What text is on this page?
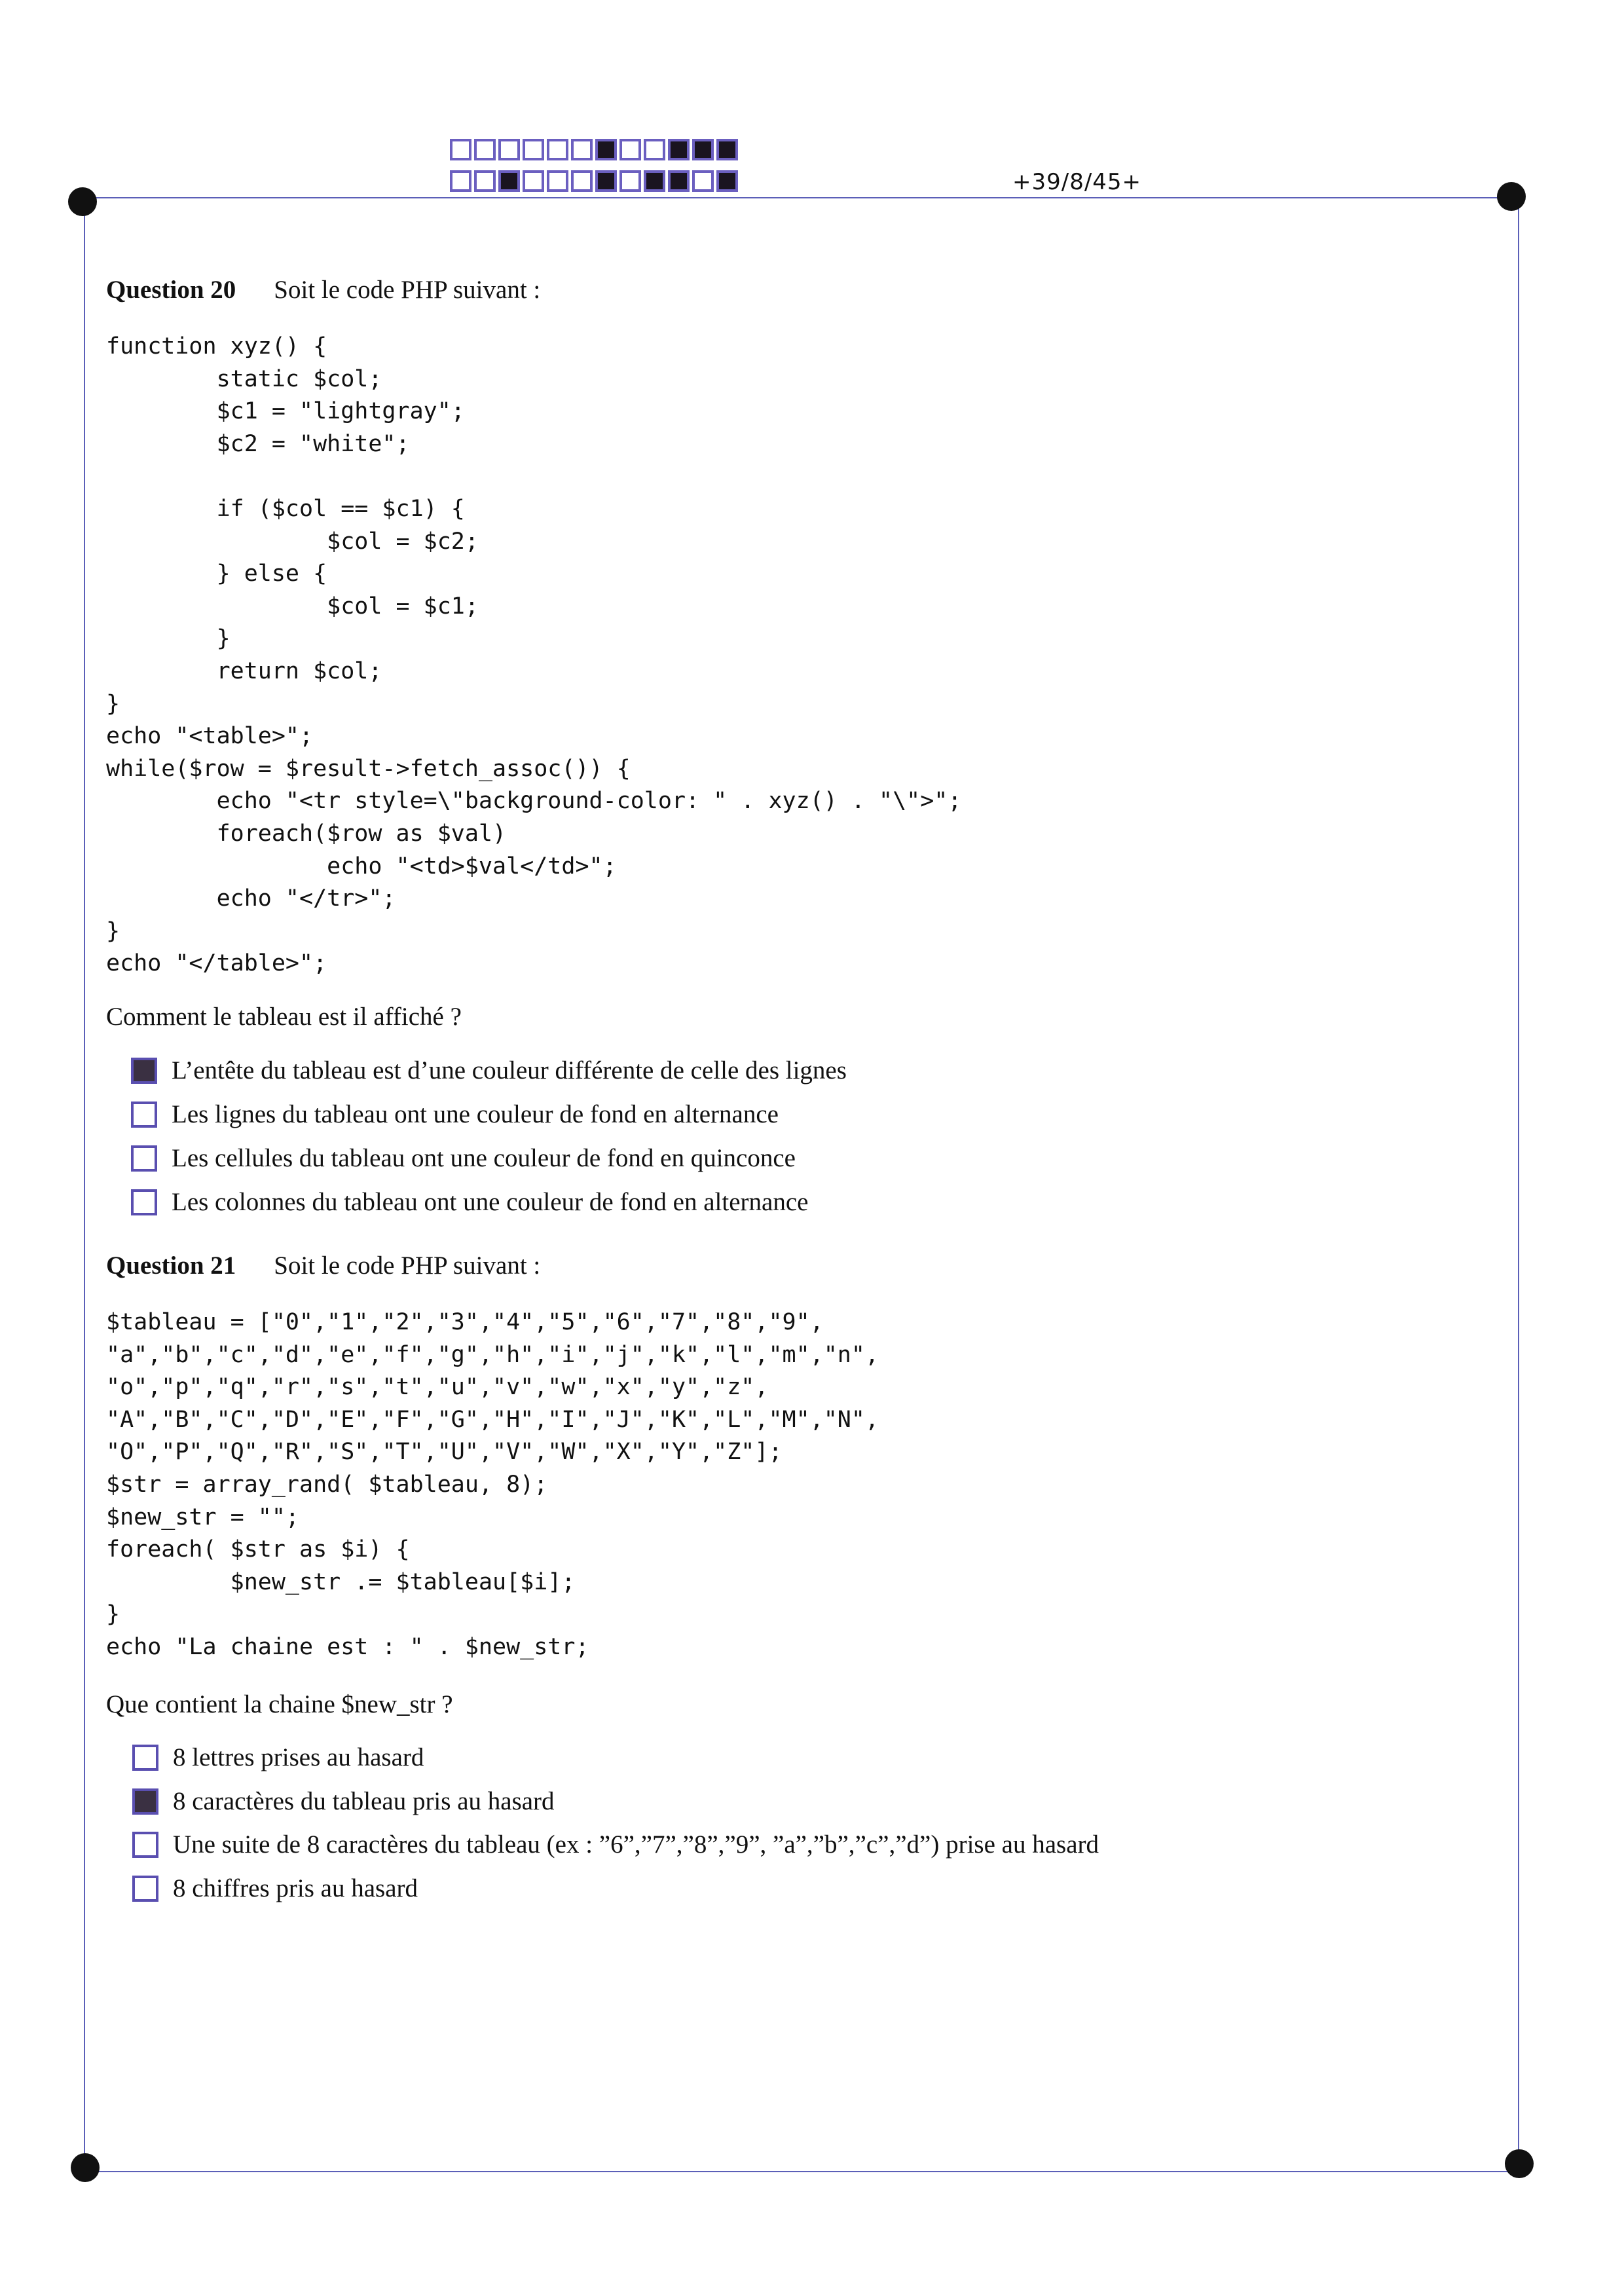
+39/8/45+
Question 20 Soit le code PHP suivant :
function xyz() {
static $col;
$c1 = "lightgray";
$c2 = "white";

if ($col == $c1) {
$col = $c2;
} else {
$col = $c1;
}
return $col;
}
echo "<table>";
while($row = $result->fetch_assoc()) {
echo "<tr style=\"background-color: " . xyz() . "\">";
foreach($row as $val)
echo "<td>$val</td>";
echo "</tr>";
}
echo "</table>";
Comment le tableau est il affiché ?
L’entête du tableau est d’une couleur différente de celle des lignes
Les lignes du tableau ont une couleur de fond en alternance
Les cellules du tableau ont une couleur de fond en quinconce
Les colonnes du tableau ont une couleur de fond en alternance
Question 21 Soit le code PHP suivant :
$tableau = ["0","1","2","3","4","5","6","7","8","9",
"a","b","c","d","e","f","g","h","i","j","k","l","m","n",
"o","p","q","r","s","t","u","v","w","x","y","z",
"A","B","C","D","E","F","G","H","I","J","K","L","M","N",
"O","P","Q","R","S","T","U","V","W","X","Y","Z"];
$str = array_rand( $tableau, 8);
$new_str = "";
foreach( $str as $i) {
$new_str .= $tableau[$i];
}
echo "La chaine est : " . $new_str;
Que contient la chaine $new_str ?
8 lettres prises au hasard
8 caractères du tableau pris au hasard
Une suite de 8 caractères du tableau (ex : ”6”,”7”,”8”,”9”, ”a”,”b”,”c”,”d”) prise au hasard
8 chiffres pris au hasard
